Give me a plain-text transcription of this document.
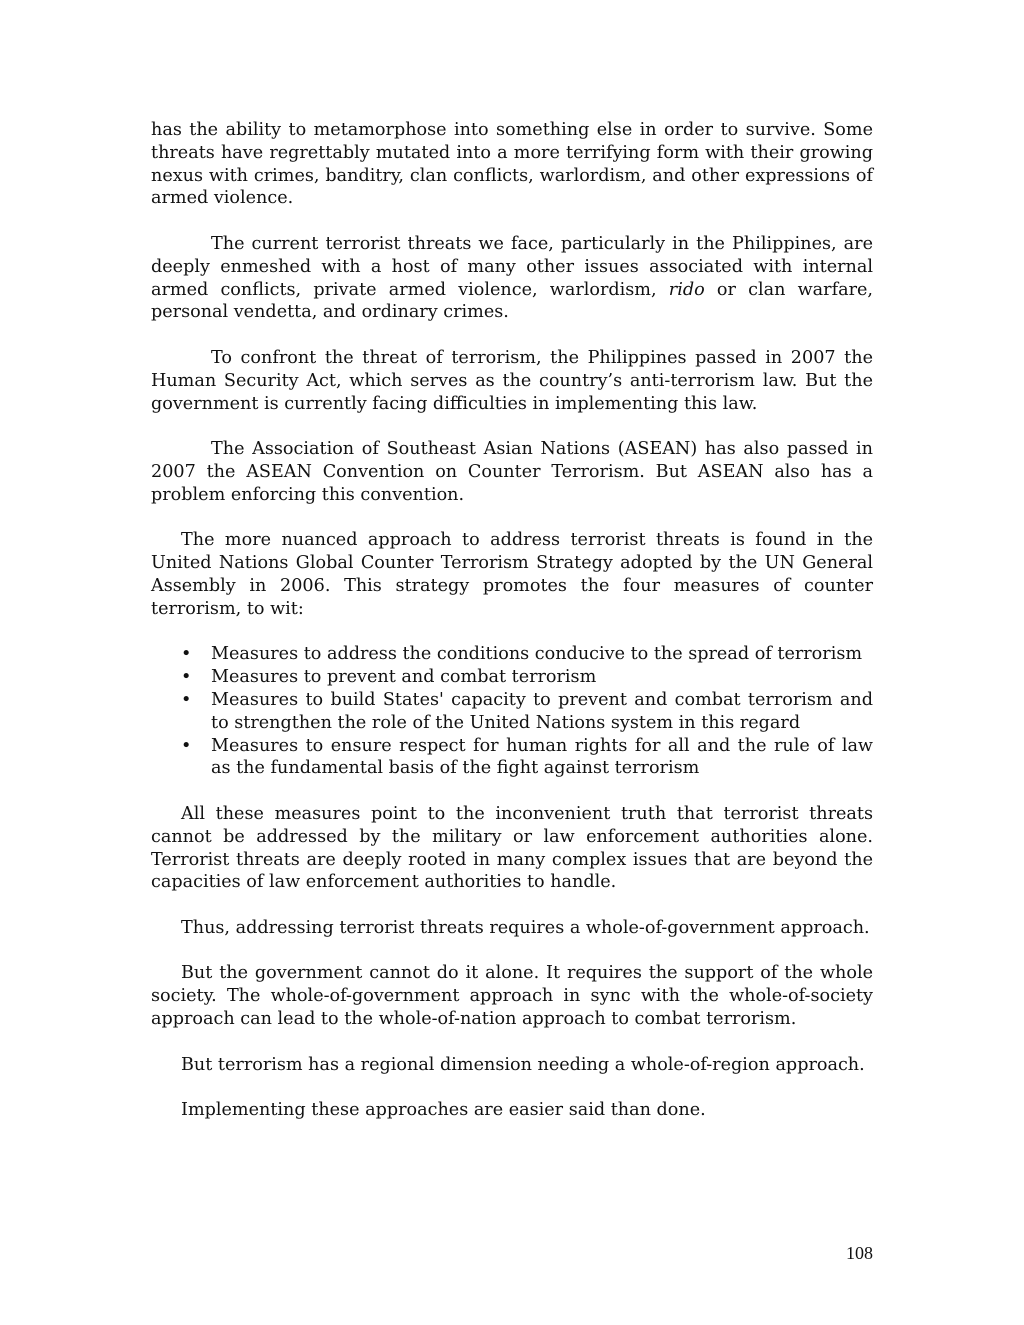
has the ability to metamorphose into something else in order to survive. Some threats have regrettably mutated into a more terrifying form with their growing nexus with crimes, banditry, clan conflicts, warlordism, and other expressions of armed violence.

The current terrorist threats we face, particularly in the Philippines, are deeply enmeshed with a host of many other issues associated with internal armed conflicts, private armed violence, warlordism, rido or clan warfare, personal vendetta, and ordinary crimes.

To confront the threat of terrorism, the Philippines passed in 2007 the Human Security Act, which serves as the country’s anti-terrorism law. But the government is currently facing difficulties in implementing this law.

The Association of Southeast Asian Nations (ASEAN) has also passed in 2007 the ASEAN Convention on Counter Terrorism. But ASEAN also has a problem enforcing this convention.

The more nuanced approach to address terrorist threats is found in the United Nations Global Counter Terrorism Strategy adopted by the UN General Assembly in 2006. This strategy promotes the four measures of counter terrorism, to wit:

• Measures to address the conditions conducive to the spread of terrorism
• Measures to prevent and combat terrorism
• Measures to build States' capacity to prevent and combat terrorism and to strengthen the role of the United Nations system in this regard
• Measures to ensure respect for human rights for all and the rule of law as the fundamental basis of the fight against terrorism

All these measures point to the inconvenient truth that terrorist threats cannot be addressed by the military or law enforcement authorities alone. Terrorist threats are deeply rooted in many complex issues that are beyond the capacities of law enforcement authorities to handle.

Thus, addressing terrorist threats requires a whole-of-government approach.

But the government cannot do it alone. It requires the support of the whole society. The whole-of-government approach in sync with the whole-of-society approach can lead to the whole-of-nation approach to combat terrorism.

But terrorism has a regional dimension needing a whole-of-region approach.

Implementing these approaches are easier said than done.

108
